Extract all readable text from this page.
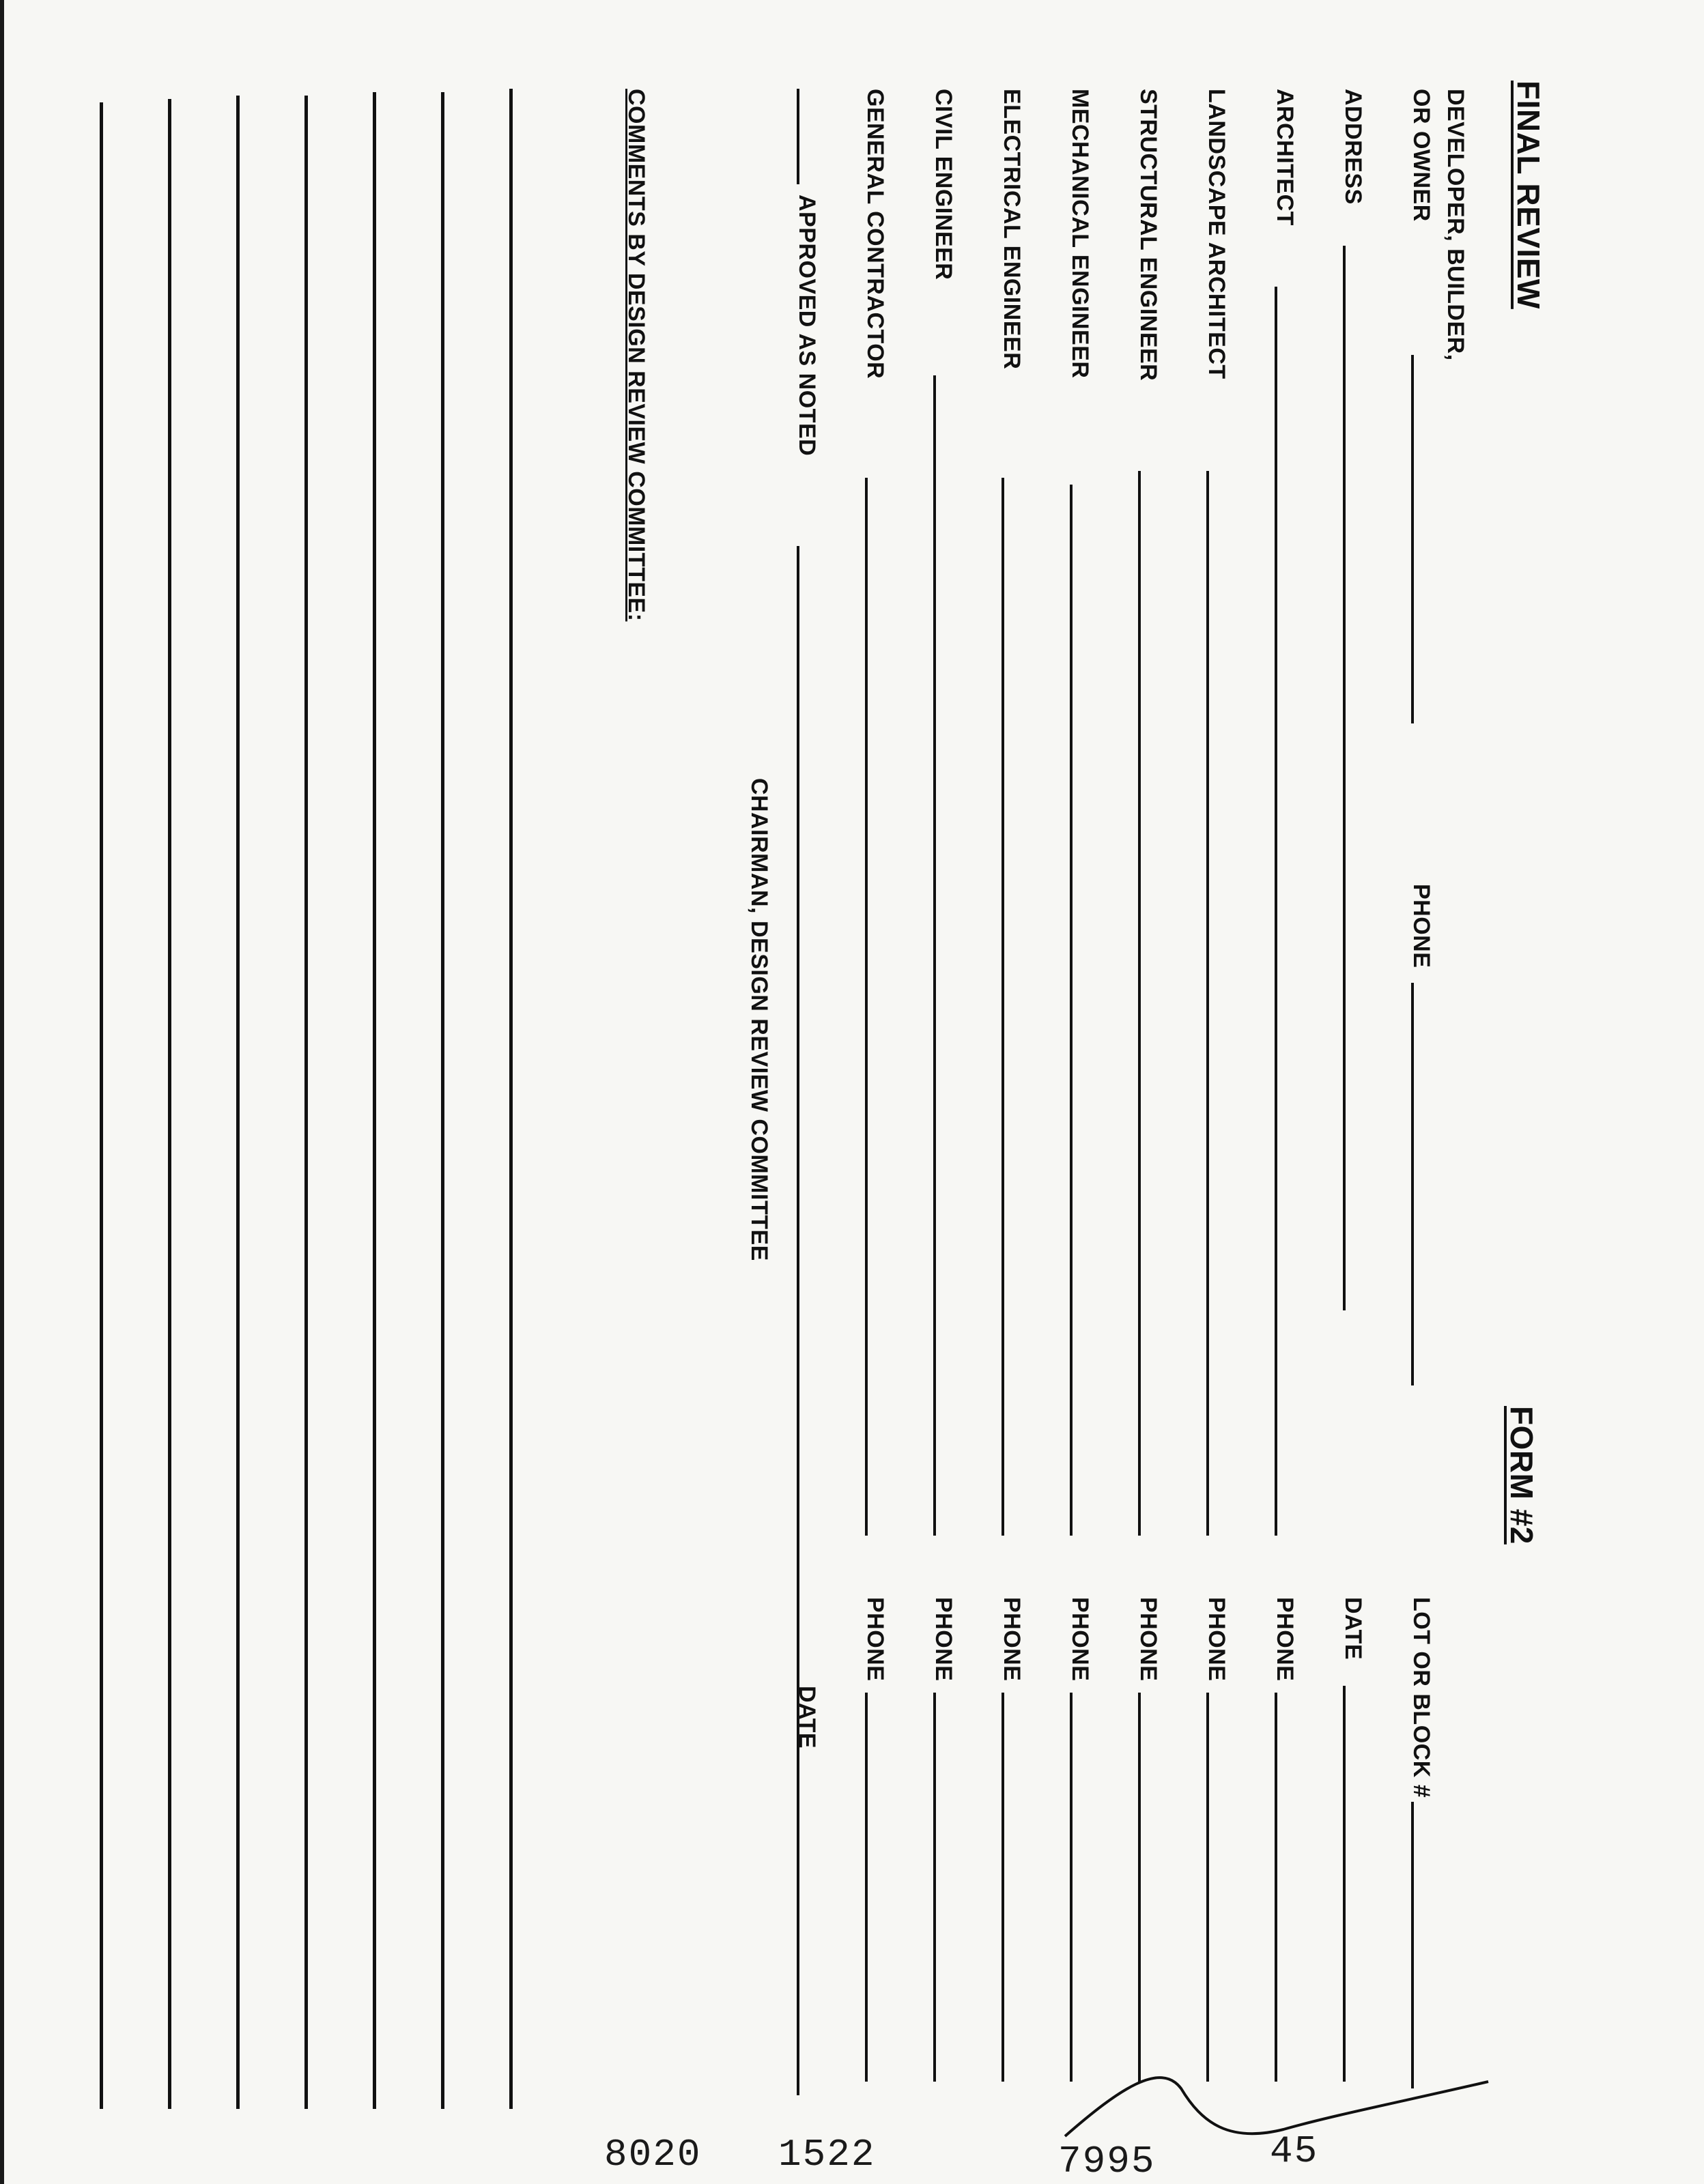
FINAL REVIEW
FORM #2
DEVELOPER, BUILDER,
OR OWNER
PHONE
LOT OR BLOCK #
ADDRESS
DATE
ARCHITECT
PHONE
LANDSCAPE ARCHITECT
PHONE
STRUCTURAL ENGINEER
PHONE
MECHANICAL ENGINEER
PHONE
ELECTRICAL ENGINEER
PHONE
CIVIL ENGINEER
PHONE
GENERAL CONTRACTOR
PHONE
APPROVED AS NOTED
DATE
CHAIRMAN, DESIGN REVIEW COMMITTEE
COMMENTS BY DESIGN REVIEW COMMITTEE:
8020 1522	7995	45
